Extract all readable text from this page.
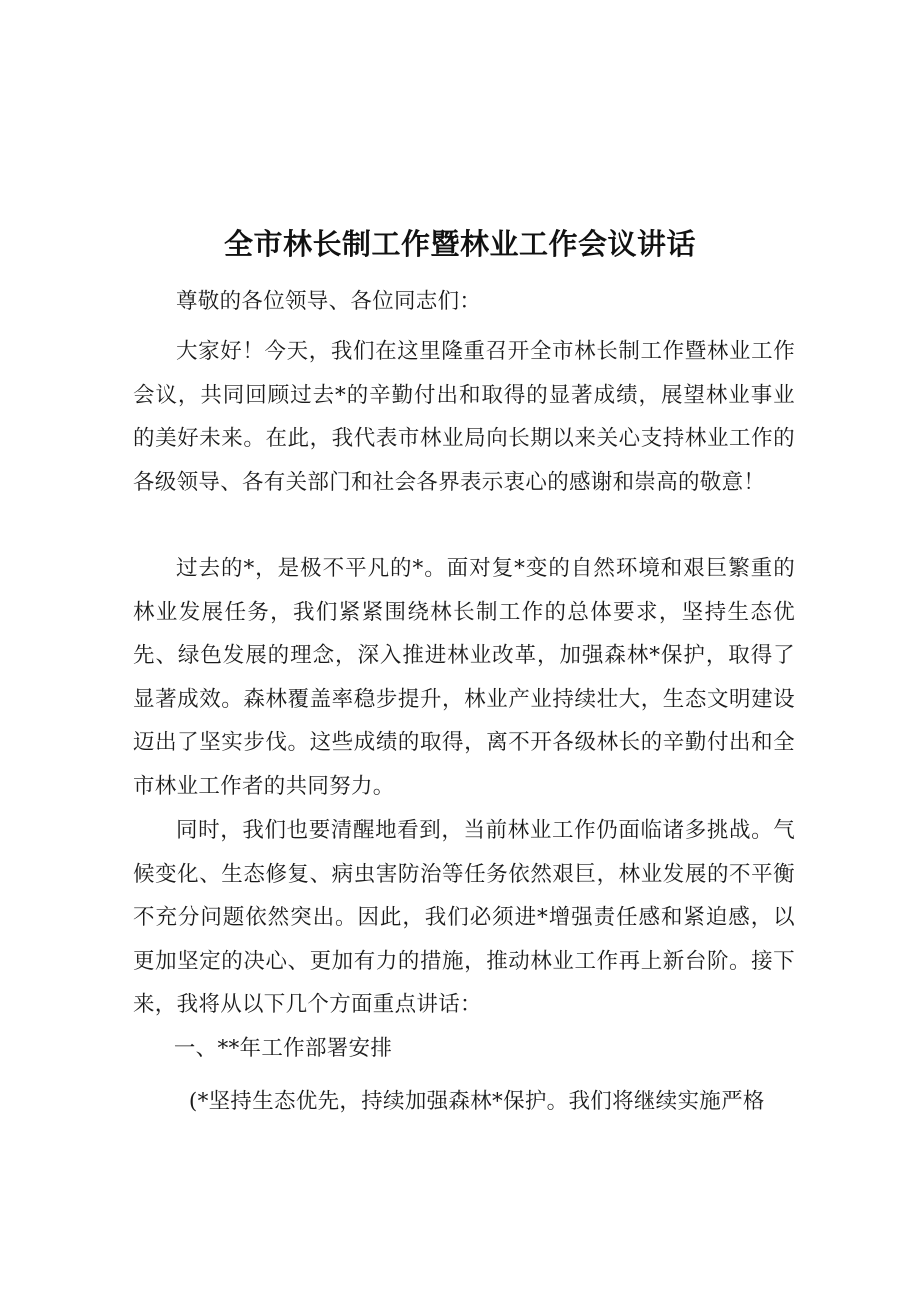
全市林长制工作暨林业工作会议讲话

尊敬的各位领导、各位同志们：

大家好！今天，我们在这里隆重召开全市林长制工作暨林业工作会议，共同回顾过去*的辛勤付出和取得的显著成绩，展望林业事业的美好未来。在此，我代表市林业局向长期以来关心支持林业工作的各级领导、各有关部门和社会各界表示衷心的感谢和崇高的敬意！

过去的*，是极不平凡的*。面对复*变的自然环境和艰巨繁重的林业发展任务，我们紧紧围绕林长制工作的总体要求，坚持生态优先、绿色发展的理念，深入推进林业改革，加强森林*保护，取得了显著成效。森林覆盖率稳步提升，林业产业持续壮大，生态文明建设迈出了坚实步伐。这些成绩的取得，离不开各级林长的辛勤付出和全市林业工作者的共同努力。

同时，我们也要清醒地看到，当前林业工作仍面临诸多挑战。气候变化、生态修复、病虫害防治等任务依然艰巨，林业发展的不平衡不充分问题依然突出。因此，我们必须进*增强责任感和紧迫感，以更加坚定的决心、更加有力的措施，推动林业工作再上新台阶。接下来，我将从以下几个方面重点讲话：

一、**年工作部署安排

(*坚持生态优先，持续加强森林*保护。我们将继续实施严格
